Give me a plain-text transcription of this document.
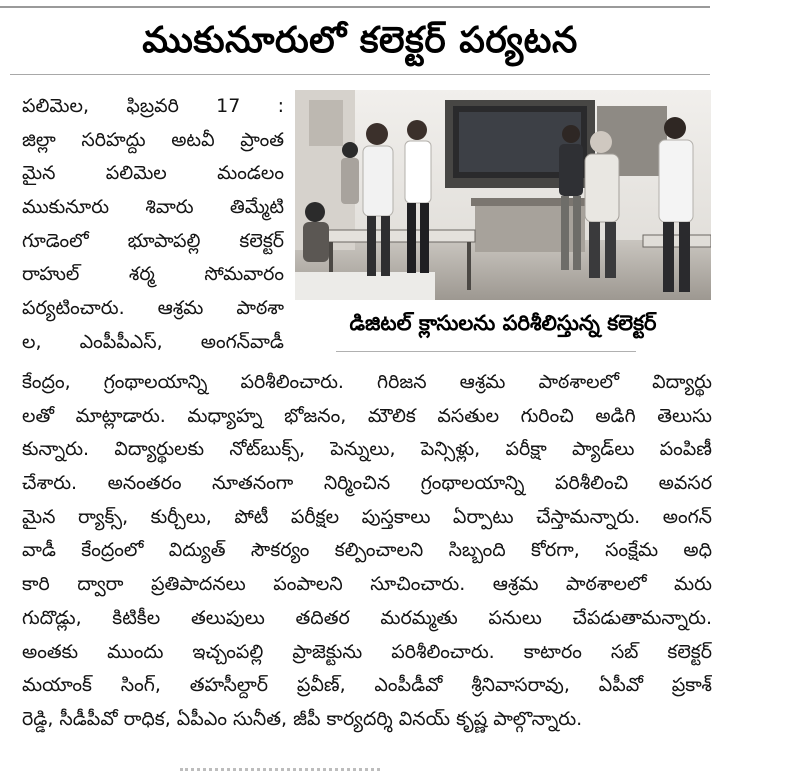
ముకునూరులో కలెక్టర్ పర్యటన
పలిమెల, ఫిబ్రవరి 17 :
జిల్లా సరిహద్దు అటవీ ప్రాంత
మైన పలిమెల మండలం
ముకునూరు శివారు తిమ్మేటి
గూడెంలో భూపాపల్లి కలెక్టర్
రాహుల్ శర్మ సోమవారం
పర్యటించారు. ఆశ్రమ పాఠశా
ల, ఎంపీపీఎస్, అంగన్‌వాడీ
డిజిటల్ క్లాసులను పరిశీలిస్తున్న కలెక్టర్
కేంద్రం, గ్రంథాలయాన్ని పరిశీలించారు. గిరిజన ఆశ్రమ పాఠశాలలో విద్యార్థు
లతో మాట్లాడారు. మధ్యాహ్న భోజనం, మౌలిక వసతుల గురించి అడిగి తెలుసు
కున్నారు. విద్యార్థులకు నోట్‌బుక్స్, పెన్నులు, పెన్సిళ్లు, పరీక్షా ప్యాడ్‌లు పంపిణీ
చేశారు. అనంతరం నూతనంగా నిర్మించిన గ్రంథాలయాన్ని పరిశీలించి అవసర
మైన ర్యాక్స్, కుర్చీలు, పోటీ పరీక్షల పుస్తకాలు ఏర్పాటు చేస్తామన్నారు. అంగన్
వాడీ కేంద్రంలో విద్యుత్ సౌకర్యం కల్పించాలని సిబ్బంది కోరగా, సంక్షేమ అధి
కారి ద్వారా ప్రతిపాదనలు పంపాలని సూచించారు. ఆశ్రమ పాఠశాలలో మరు
గుదొడ్లు, కిటికీల తలుపులు తదితర మరమ్మతు పనులు చేపడుతామన్నారు.
అంతకు ముందు ఇచ్చంపల్లి ప్రాజెక్టును పరిశీలించారు. కాటారం సబ్ కలెక్టర్
మయాంక్ సింగ్, తహసీల్దార్ ప్రవీణ్, ఎంపీడీవో శ్రీనివాసరావు, ఏపీవో ప్రకాశ్
రెడ్డి, సీడీపీవో రాధిక, ఏపీఎం సునీత, జీపీ కార్యదర్శి వినయ్ కృష్ణ పాల్గొన్నారు.
